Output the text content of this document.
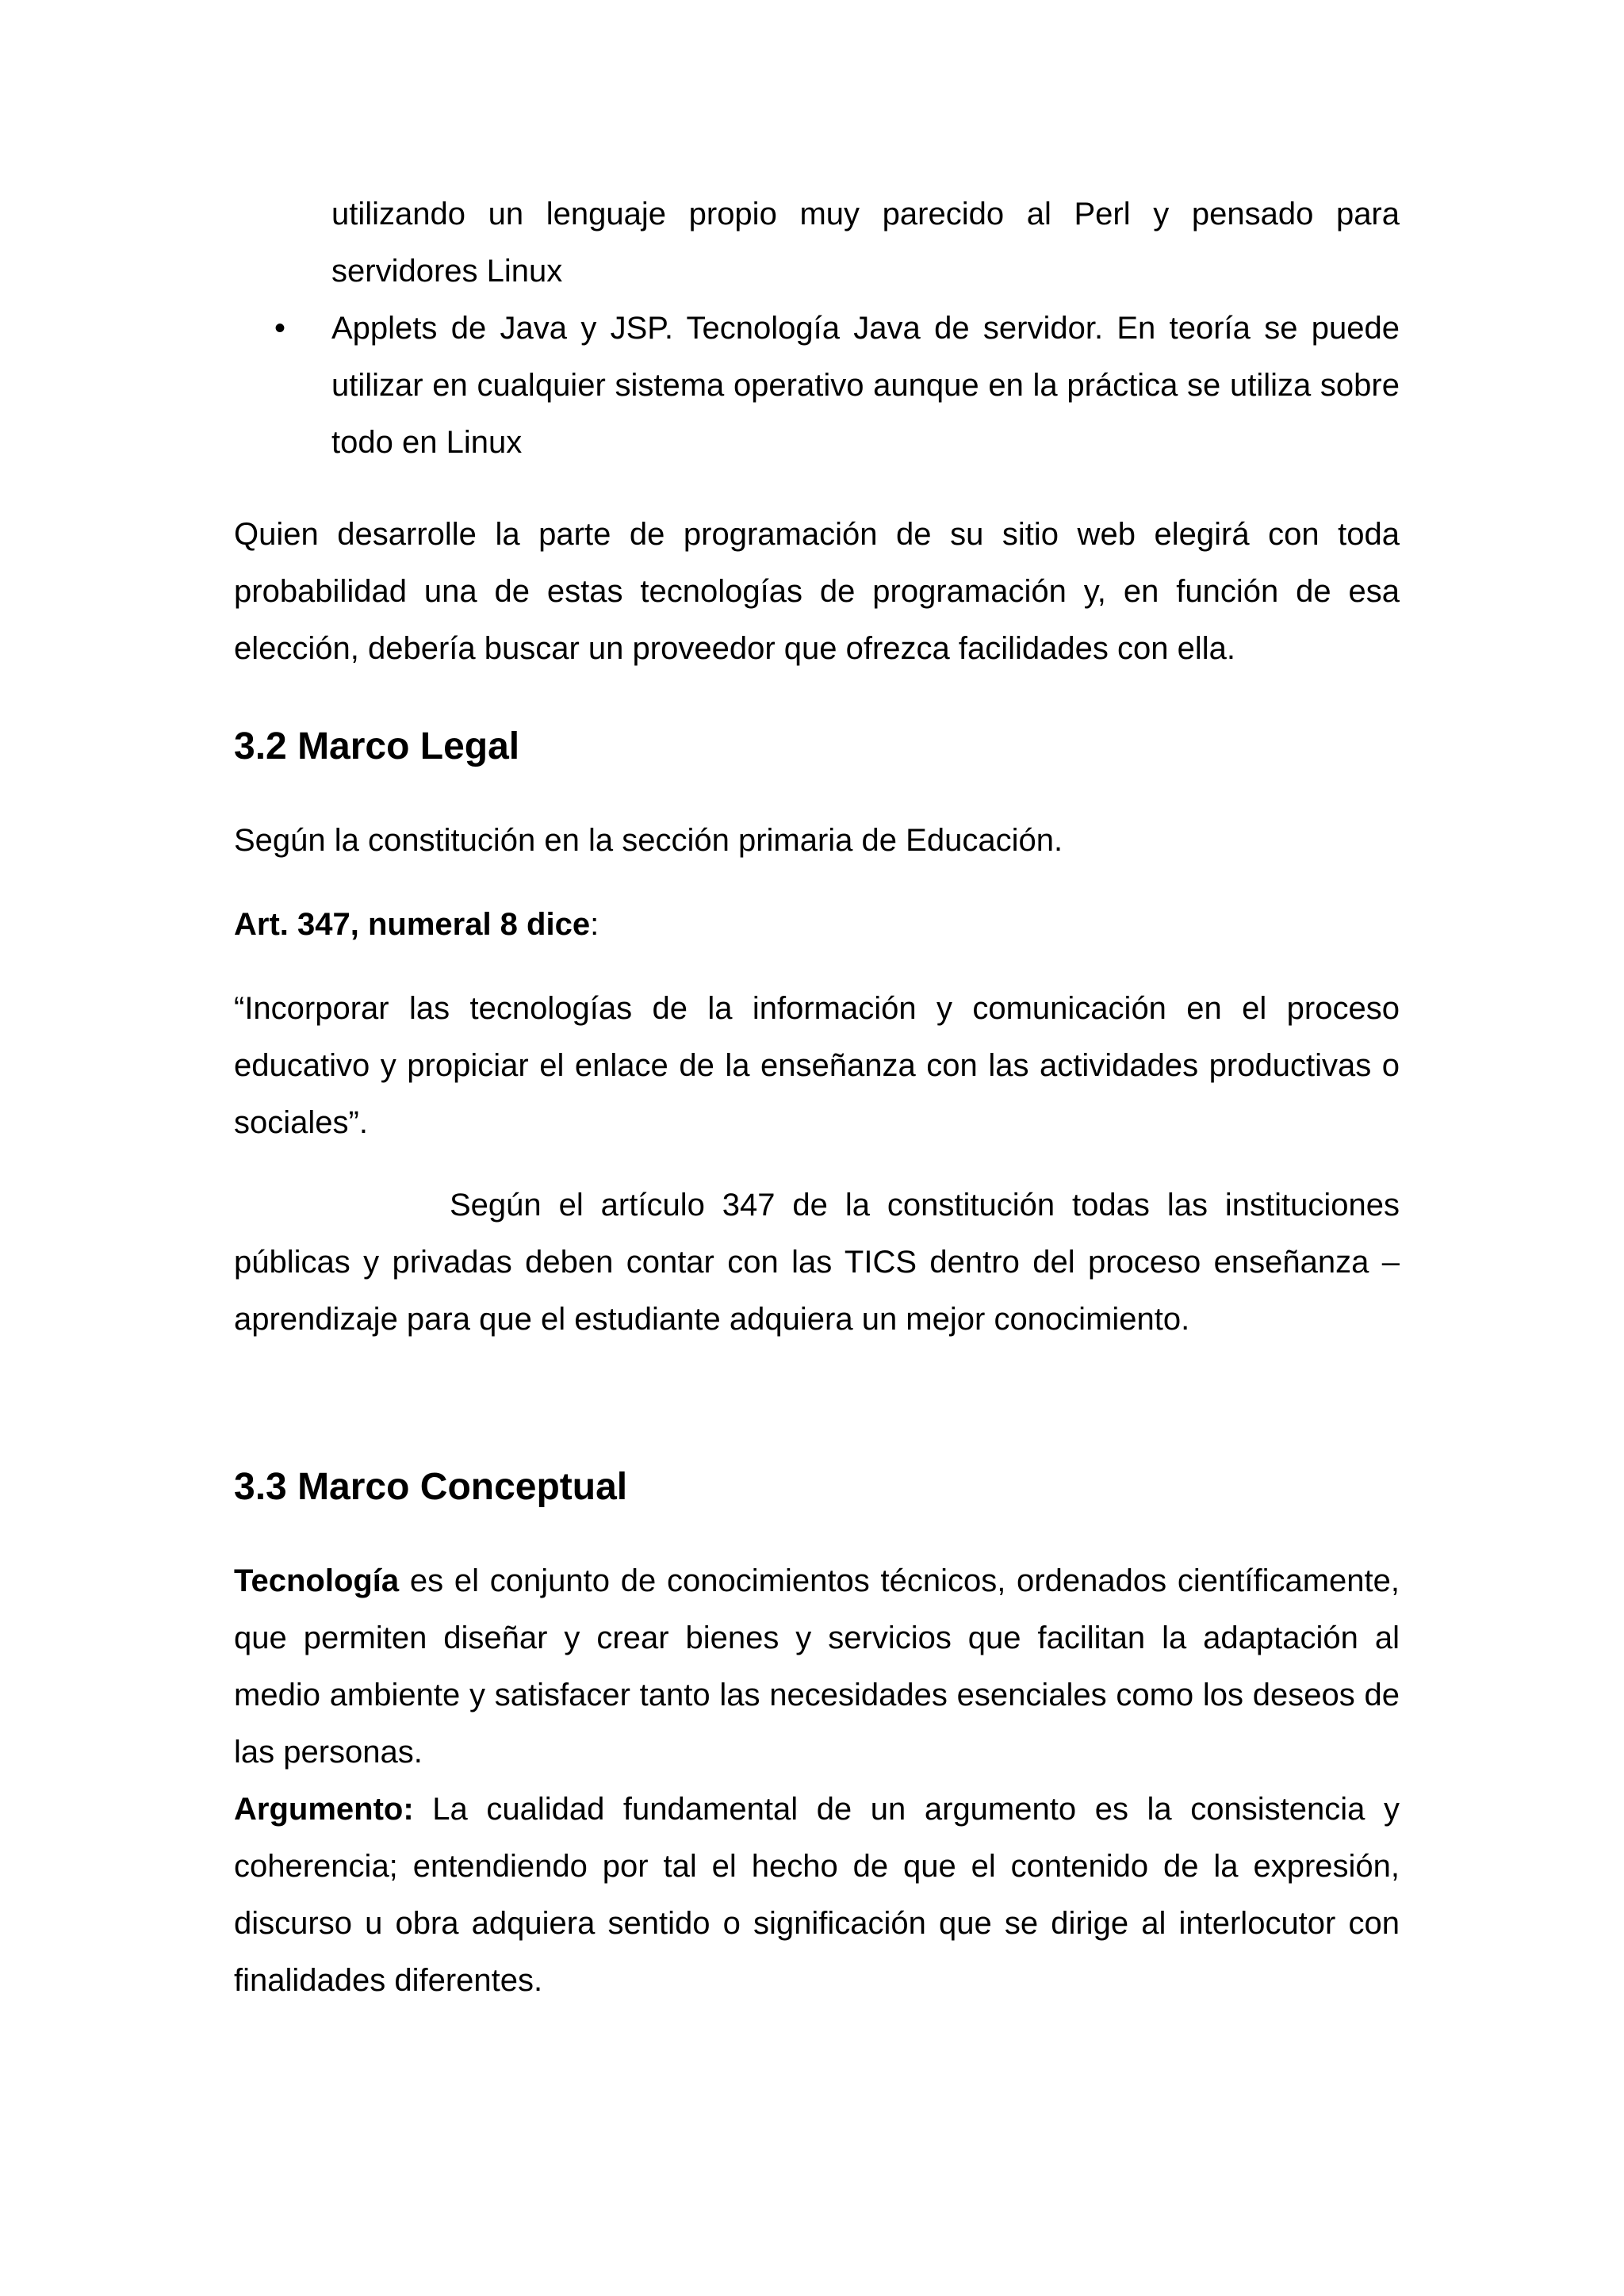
utilizando un lenguaje propio muy parecido al Perl y pensado para servidores Linux

• Applets de Java y JSP. Tecnología Java de servidor. En teoría se puede utilizar en cualquier sistema operativo aunque en la práctica se utiliza sobre todo en Linux

Quien desarrolle la parte de programación de su sitio web elegirá con toda probabilidad una de estas tecnologías de programación y, en función de esa elección, debería buscar un proveedor que ofrezca facilidades con ella.

3.2 Marco Legal

Según la constitución en la sección primaria de Educación.

Art. 347, numeral 8 dice:

“Incorporar las tecnologías de la información y comunicación en el proceso educativo y propiciar el enlace de la enseñanza con las actividades productivas o sociales”.

Según el artículo 347 de la constitución todas las instituciones públicas y privadas deben contar con las TICS dentro del proceso enseñanza – aprendizaje para que el estudiante adquiera un mejor conocimiento.

3.3 Marco Conceptual

Tecnología es el conjunto de conocimientos técnicos, ordenados científicamente, que permiten diseñar y crear bienes y servicios que facilitan la adaptación al medio ambiente y satisfacer tanto las necesidades esenciales como los deseos de las personas.

Argumento: La cualidad fundamental de un argumento es la consistencia y coherencia; entendiendo por tal el hecho de que el contenido de la expresión, discurso u obra adquiera sentido o significación que se dirige al interlocutor con finalidades diferentes.
